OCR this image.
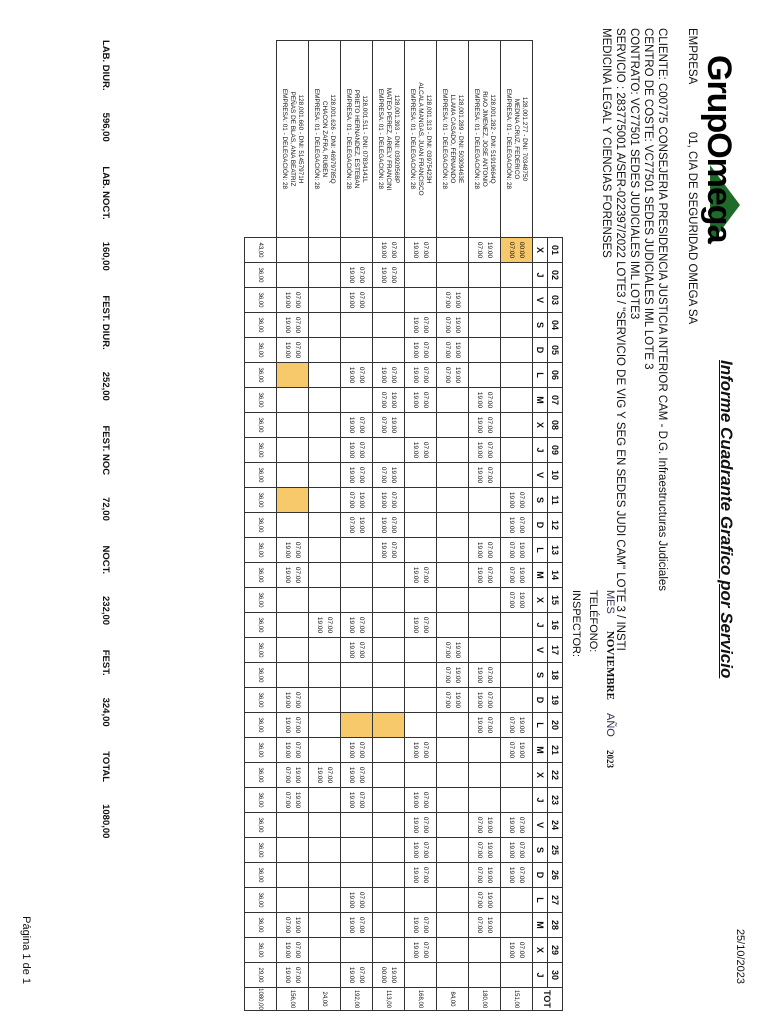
25/10/2023
GrupOmega
Informe Cuadrante Grafico por Servicio
EMPRESA 01, CIA DE SEGURIDAD OMEGA SA
CLIENTE: C00775 CONSEJERIA PRESIDENCIA JUSTICIA INTERIOR CAM - D.G. Infraestructuras Judiciales
CENTRO DE COSTE: VC77501 SEDES JUDICIALES IML LOTE 3
CONTRATO: VC77501 SEDES JUDICIALES IML LOTE3
SERVICIO : 283775001 A/SER-022397/2022 LOTE3 / "SERVICIO DE VIG Y SEG EN SEDES JUDI CAM" LOTE 3 / INSTI
MEDICINA LEGAL Y CIENCIAS FORENSES
MES NOVIEMBRE AÑO 2023
TELÉFONO:
INSPECTOR:
	01	02	03	04	05	06	07	08	09	10	11	12	13	14	15	16	17	18	19	20	21	22	23	24	25	26	27	28	29	30	TOT
	X	J	V	S	D	L	M	X	J	V	S	D	L	M	X	J	V	S	D	L	M	X	J	V	S	D	L	M	X	J	

128,001.277 - DNI: 70348750
MEDINA CRUZ, FEDERICO
EMPRESA: 01 - DELEGACIÓN: 28	00:00 07:00										07:00 19:00	07:00 19:00	19:00 07:00	19:00 07:00	19:00 07:00					19:00 07:00	19:00 07:00			07:00 19:00	07:00 19:00	07:00 19:00			07:00 19:00		151,00

128,001.282 - DNI: 51919664Q
RIAO JIMENEZ, JOSE ANTONIO
EMPRESA: 01 - DELEGACIÓN: 28	19:00 07:00						07:00 19:00	07:00 19:00	07:00 19:00	07:00 19:00			07:00 19:00	07:00 19:00				07:00 19:00	07:00 19:00	07:00 19:00				19:00 07:00	19:00 07:00	19:00 07:00	19:00 07:00	19:00 07:00			180,00

128,001.289 - DNI: 50309463E
LLAMA CASADO, FERNANDO
EMPRESA: 01 - DELEGACIÓN: 28			19:00 07:00	19:00 07:00	19:00 07:00	19:00 07:00											19:00 07:00	19:00 07:00	19:00 07:00												84,00

128,001.313 - DNI: 03975423H
ALCALA MANGAS, JUAN FRANCISCO
EMPRESA: 01 - DELEGACIÓN: 28	07:00 19:00			07:00 19:00	07:00 19:00	07:00 19:00	07:00 19:00		07:00 19:00					07:00 19:00		07:00 19:00					07:00 19:00		07:00 19:00	07:00 19:00	07:00 19:00	07:00 19:00		07:00 19:00	07:00 19:00		168,00

128,001.393 - DNI: 03920568P
MATEO PEREZ, ARIELY FRANCINI
EMPRESA: 01 - DELEGACIÓN: 28	07:00 19:00	07:00 19:00				07:00 19:00	19:00 07:00	19:00 07:00		19:00 07:00	07:00 19:00	07:00 19:00	07:00 19:00																	19:00 00:00	113,00

128,001.511 - DNI: 07834141L
PRIETO HERNANDEZ, ESTEBAN
EMPRESA: 01 - DELEGACIÓN: 28		07:00 19:00	07:00 19:00			07:00 19:00		07:00 19:00	07:00 19:00	07:00 19:00	19:00 07:00	19:00 07:00				07:00 19:00	07:00 19:00				07:00 19:00	07:00 19:00	07:00 19:00				07:00 19:00	07:00 19:00		07:00 19:00	192,00

128,001.626 - DNI: 46979785Q
CHACON ZAFRA, RUBEN
EMPRESA: 01 - DELEGACIÓN: 28																07:00 19:00						07:00 19:00									24,00

128,001.660 - DNI: 51457971H
PEÑAS DE BLAS, ANA BEATRIZ
EMPRESA: 01 - DELEGACIÓN: 28			07:00 19:00	07:00 19:00	07:00 19:00								07:00 19:00	07:00 19:00					07:00 19:00	07:00 19:00	07:00 19:00	19:00 07:00	19:00 07:00					19:00 07:00	07:00 19:00	07:00 19:00	156,00
	43,00	36,00	36,00	36,00	36,00	36,00	36,00	36,00	36,00	36,00	36,00	36,00	36,00	36,00	36,00	36,00	36,00	36,00	36,00	36,00	36,00	36,00	36,00	36,00	36,00	36,00	36,00	36,00	36,00	29,00	1080,00
LAB. DIUR.596,00 LAB. NOCT.160,00 FEST. DIUR.252,00 FEST. NOC72,00 NOCT.232,00 FEST.324,00 TOTAL1080,00
Página 1 de 1
